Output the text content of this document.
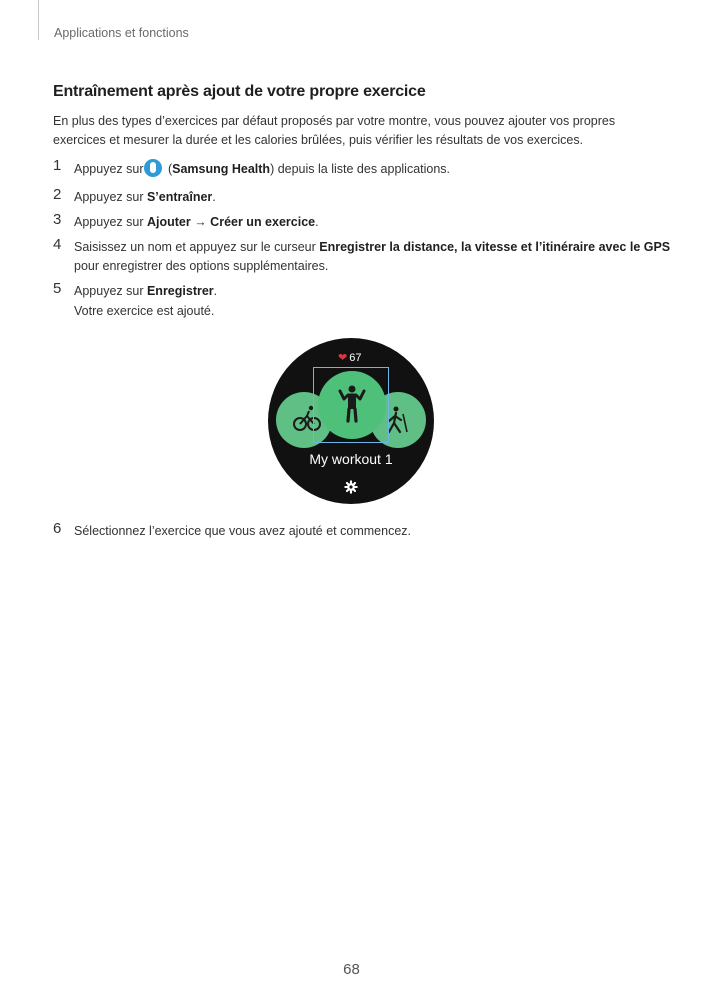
Applications et fonctions
Entraînement après ajout de votre propre exercice

En plus des types d’exercices par défaut proposés par votre montre, vous pouvez ajouter vos propres
exercices et mesurer la durée et les calories brûlées, puis vérifier les résultats de vos exercices.

1 Appuyez sur (Samsung Health) depuis la liste des applications.
2 Appuyez sur S’entraîner.
3 Appuyez sur Ajouter → Créer un exercice.
4 Saisissez un nom et appuyez sur le curseur Enregistrer la distance, la vitesse et l’itinéraire avec le GPS
pour enregistrer des options supplémentaires.
5 Appuyez sur Enregistrer.
Votre exercice est ajouté.
❤ 67
My workout 1
6 Sélectionnez l’exercice que vous avez ajouté et commencez.
68
